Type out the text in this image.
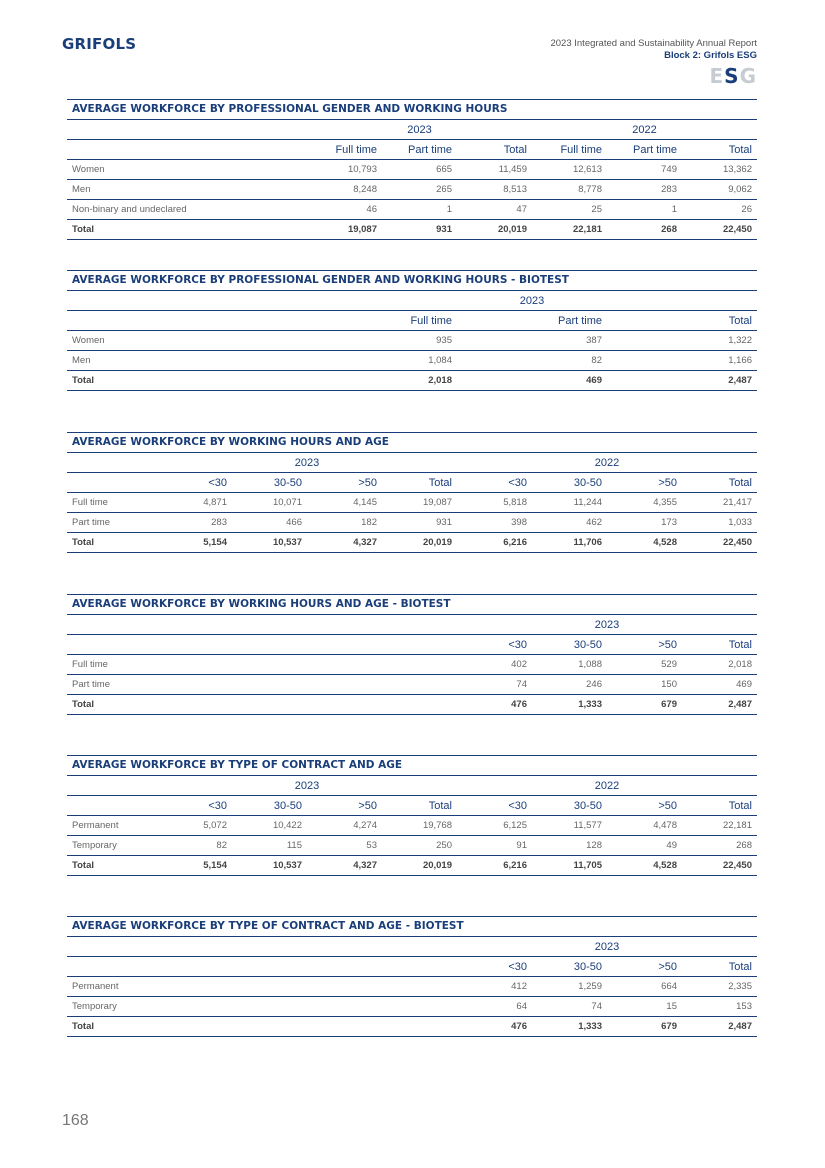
GRIFOLS	2023 Integrated and Sustainability Annual Report
Block 2: Grifols ESG
ESG
AVERAGE WORKFORCE BY PROFESSIONAL GENDER AND WORKING HOURS
	2023			2022		
	Full time	Part time	Total	Full time	Part time	Total
Women	10,793	665	11,459	12,613	749	13,362
Men	8,248	265	8,513	8,778	283	9,062
Non-binary and undeclared	46	1	47	25	1	26
Total	19,087	931	20,019	22,181	268	22,450
AVERAGE WORKFORCE BY PROFESSIONAL GENDER AND WORKING HOURS - BIOTEST
	2023		
	Full time	Part time	Total
Women	935	387	1,322
Men	1,084	82	1,166
Total	2,018	469	2,487
AVERAGE WORKFORCE BY WORKING HOURS AND AGE
	2023				2022			
	<30	30-50	>50	Total	<30	30-50	>50	Total
Full time	4,871	10,071	4,145	19,087	5,818	11,244	4,355	21,417
Part time	283	466	182	931	398	462	173	1,033
Total	5,154	10,537	4,327	20,019	6,216	11,706	4,528	22,450
AVERAGE WORKFORCE BY WORKING HOURS AND AGE - BIOTEST
	2023			
	<30	30-50	>50	Total
Full time	402	1,088	529	2,018
Part time	74	246	150	469
Total	476	1,333	679	2,487
AVERAGE WORKFORCE BY TYPE OF CONTRACT AND AGE
	2023				2022			
	<30	30-50	>50	Total	<30	30-50	>50	Total
Permanent	5,072	10,422	4,274	19,768	6,125	11,577	4,478	22,181
Temporary	82	115	53	250	91	128	49	268
Total	5,154	10,537	4,327	20,019	6,216	11,705	4,528	22,450
AVERAGE WORKFORCE BY TYPE OF CONTRACT AND AGE - BIOTEST
	2023			
	<30	30-50	>50	Total
Permanent	412	1,259	664	2,335
Temporary	64	74	15	153
Total	476	1,333	679	2,487
168
